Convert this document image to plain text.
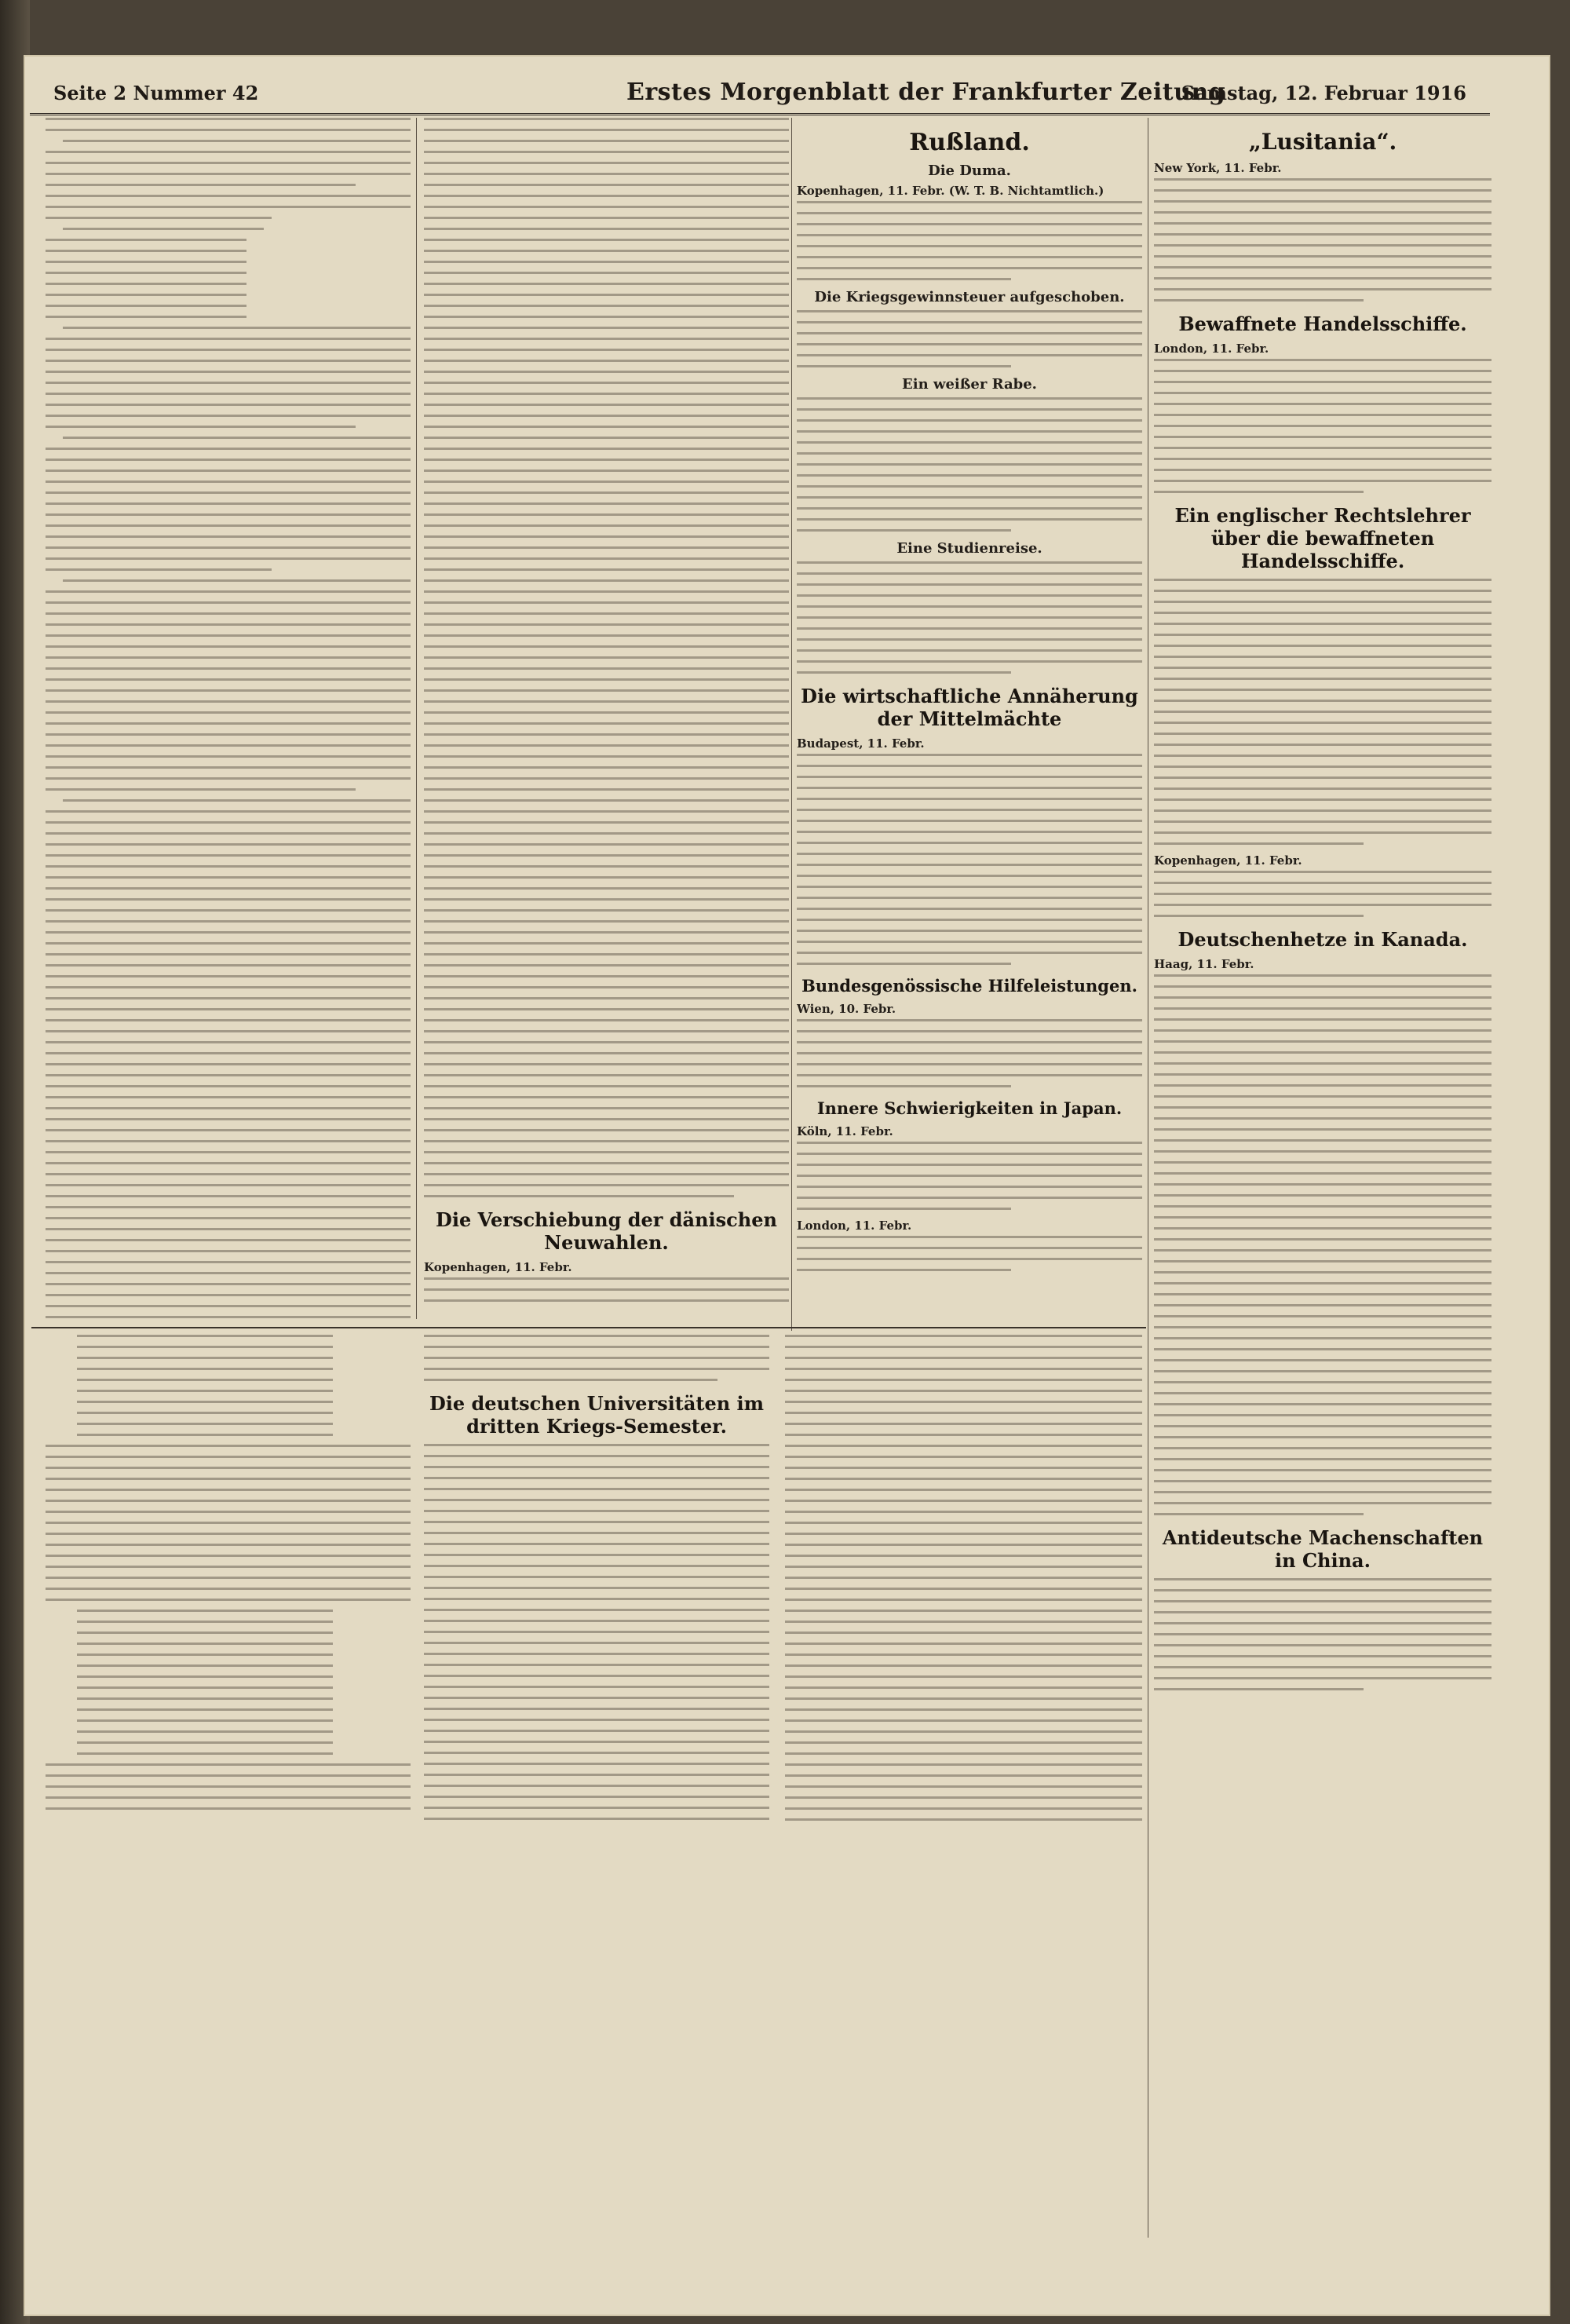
Seite 2 Nummer 42	Erstes Morgenblatt der Frankfurter Zeitung
Samstag, 12. Februar 1916
Die Verschiebung der dänischen Neuwahlen.
Kopenhagen, 11. Febr.
Rußland.
Die Duma.
Kopenhagen, 11. Febr. (W. T. B. Nichtamtlich.)
Die Kriegsgewinnsteuer aufgeschoben.
Ein weißer Rabe.
Eine Studienreise.
Die wirtschaftliche Annäherung der Mittelmächte
Budapest, 11. Febr.
Bundesgenössische Hilfeleistungen.
Wien, 10. Febr.
Innere Schwierigkeiten in Japan.
Köln, 11. Febr.
London, 11. Febr.
„Lusitania“.
New York, 11. Febr.
Bewaffnete Handelsschiffe.
London, 11. Febr.
Ein englischer Rechtslehrer über die bewaffneten Handelsschiffe.
Kopenhagen, 11. Febr.
Deutschenhetze in Kanada.
Haag, 11. Febr.
Antideutsche Machenschaften in China.
Die deutschen Universitäten im dritten Kriegs-Semester.
